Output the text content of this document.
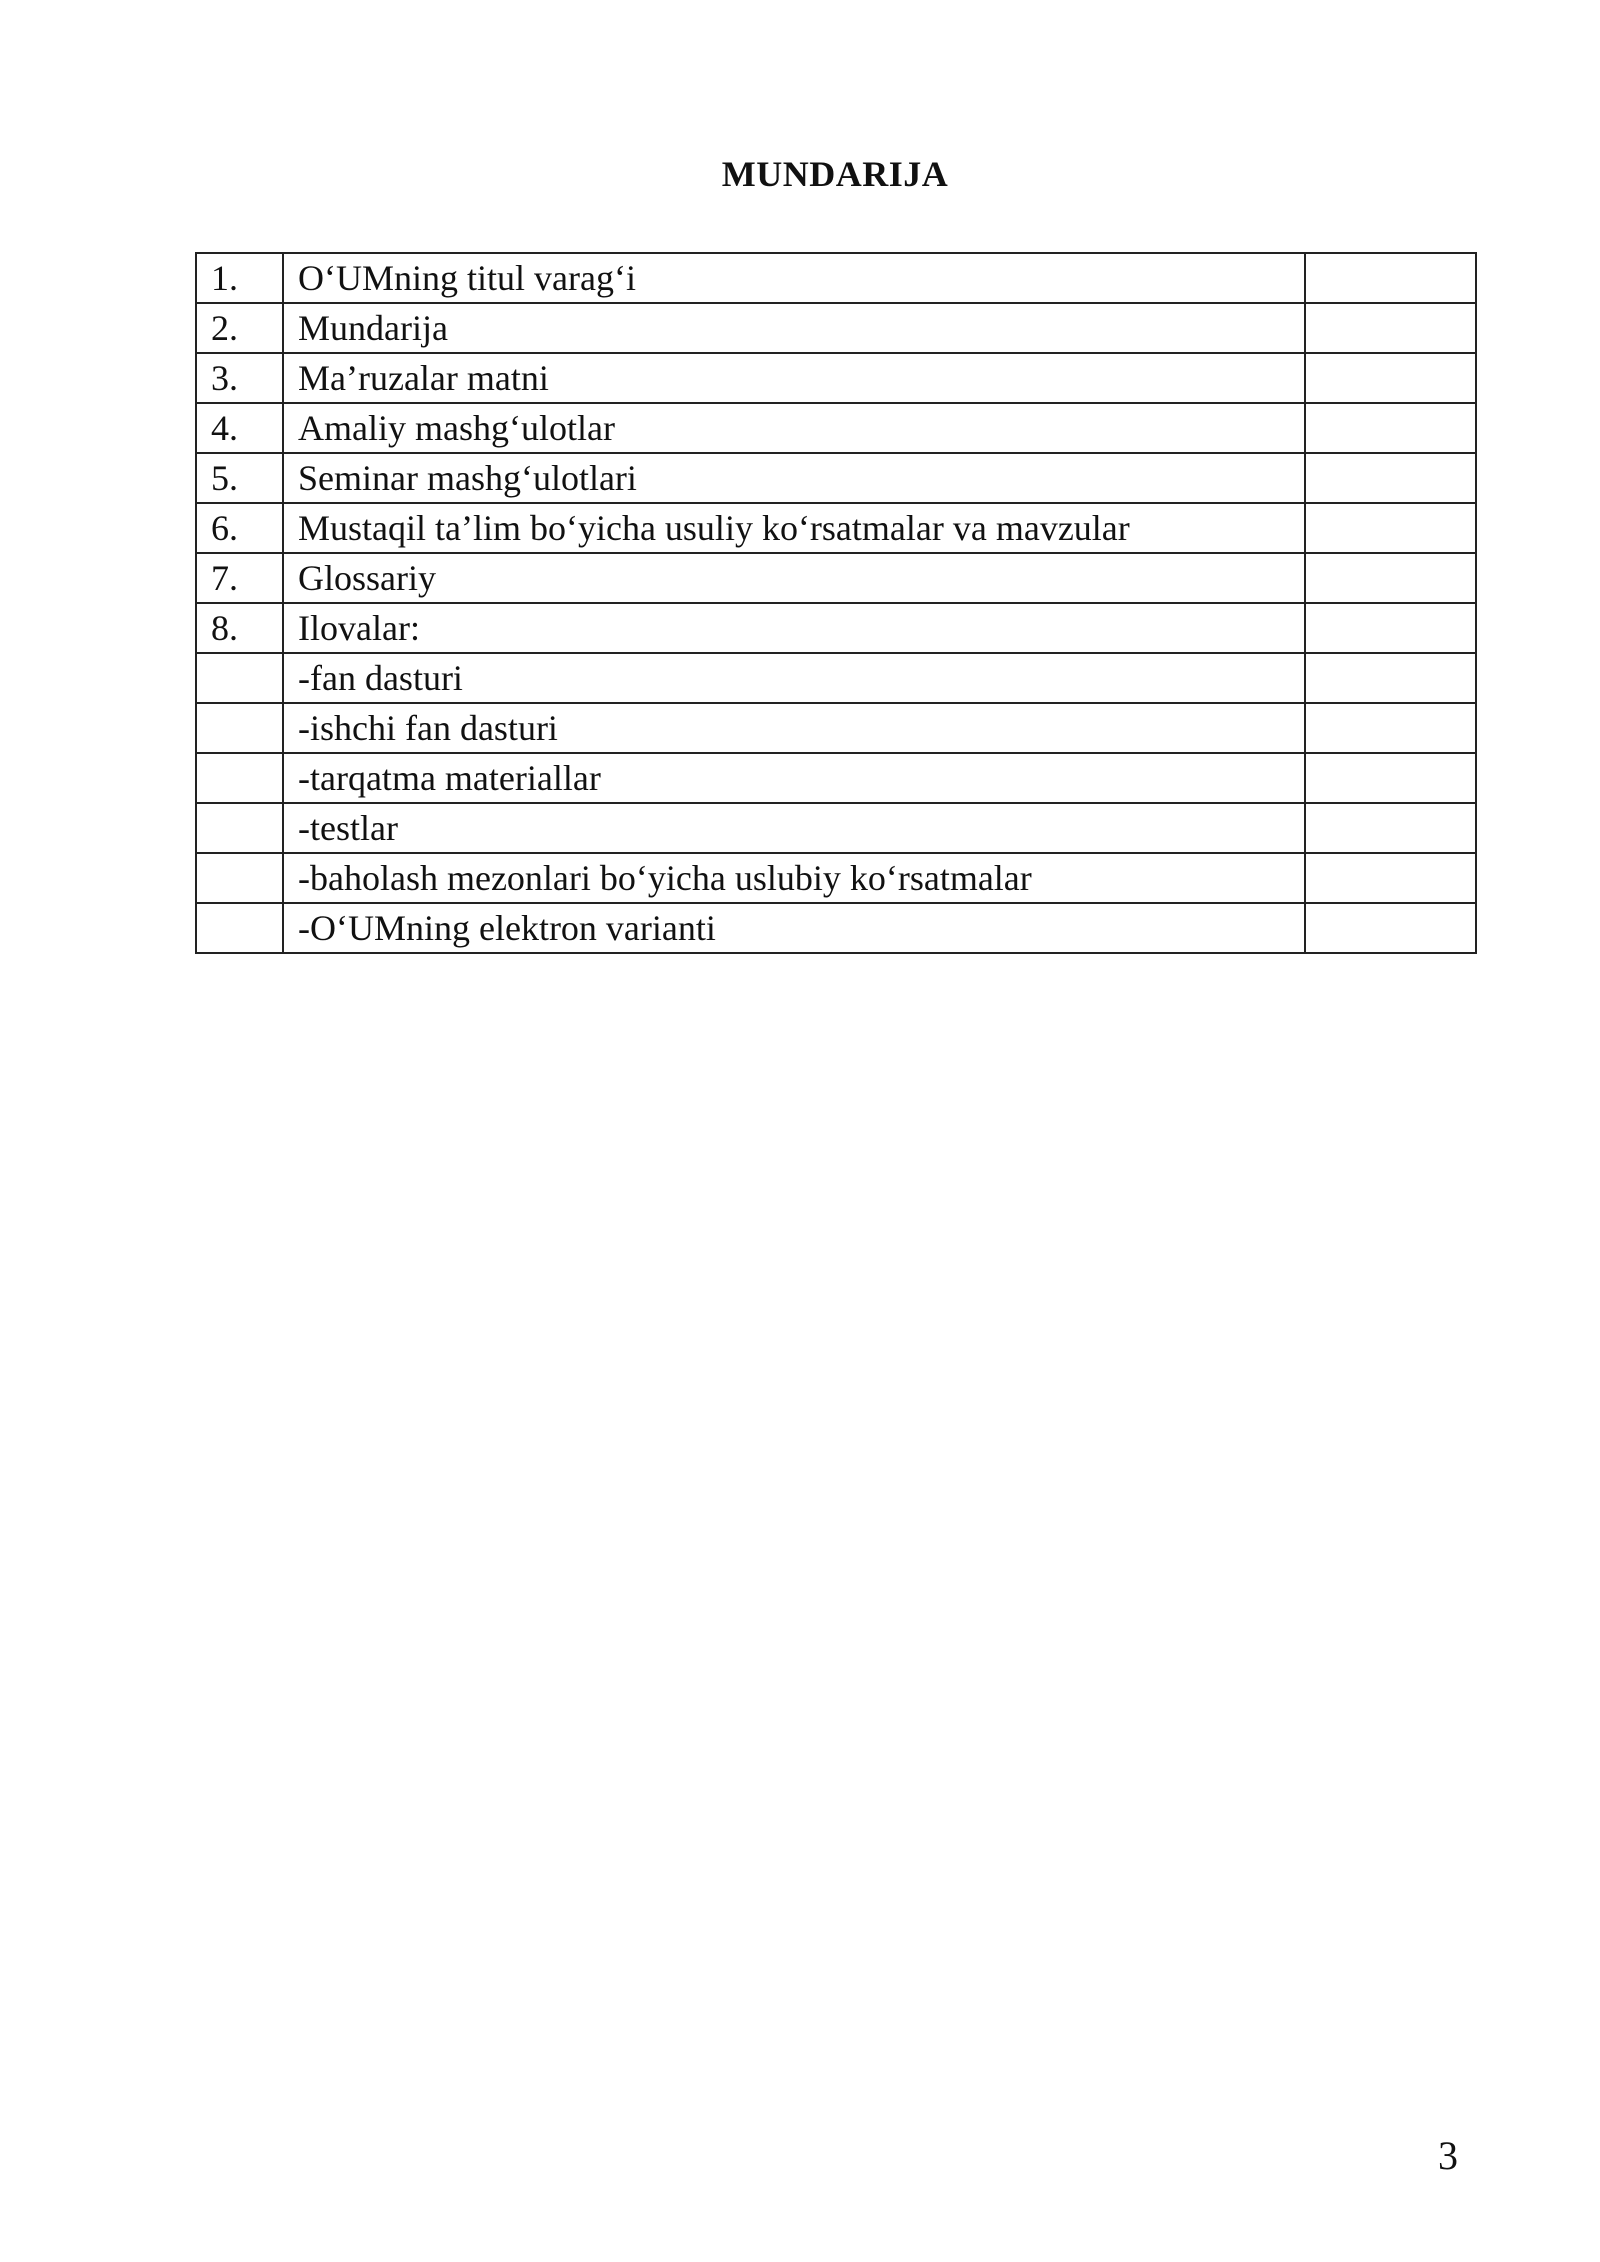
MUNDARIJA
1.	O‘UMning titul varag‘i	
2.	Mundarija	
3.	Ma’ruzalar matni	
4.	Amaliy mashg‘ulotlar	
5.	Seminar mashg‘ulotlari	
6.	Mustaqil ta’lim bo‘yicha usuliy ko‘rsatmalar va mavzular	
7.	Glossariy	
8.	Ilovalar:	
	-fan dasturi	
	-ishchi fan dasturi	
	-tarqatma materiallar	
	-testlar	
	-baholash mezonlari bo‘yicha uslubiy ko‘rsatmalar	
	-O‘UMning elektron varianti	
3
